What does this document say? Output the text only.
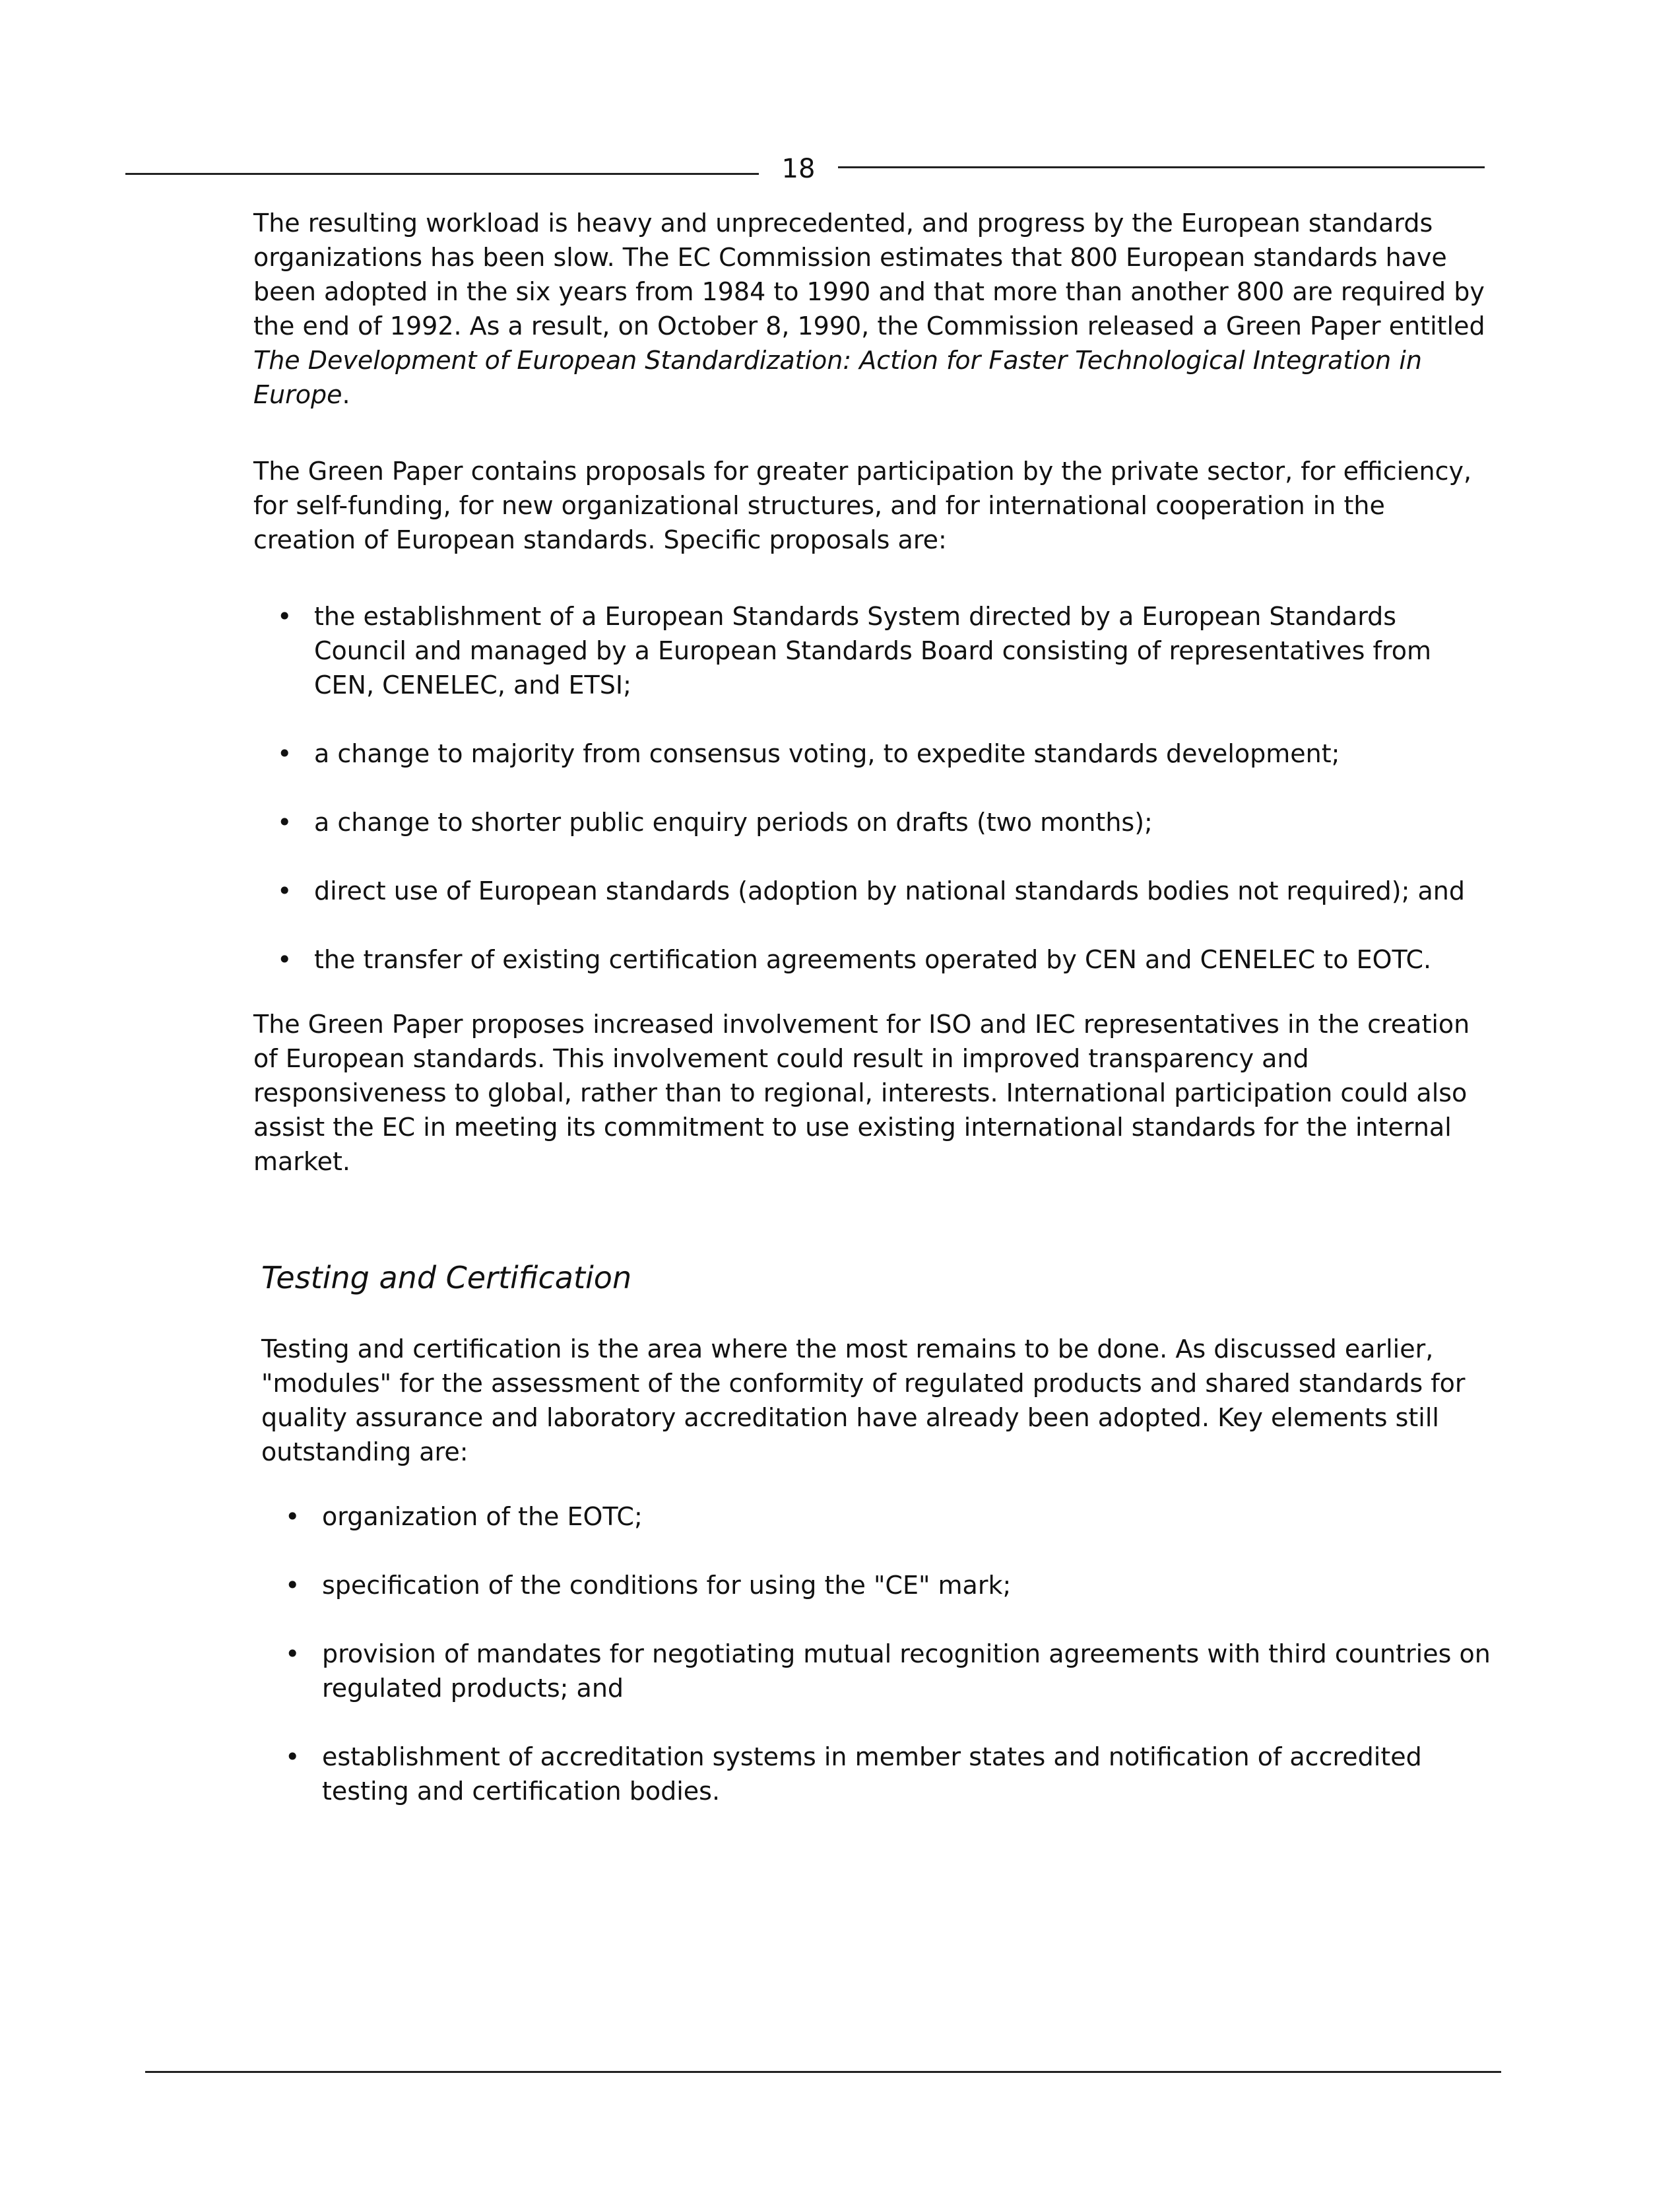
18

The resulting workload is heavy and unprecedented, and progress by the European standards organizations has been slow. The EC Commission estimates that 800 European standards have been adopted in the six years from 1984 to 1990 and that more than another 800 are required by the end of 1992. As a result, on October 8, 1990, the Commission released a Green Paper entitled The Development of European Standardization: Action for Faster Technological Integration in Europe.

The Green Paper contains proposals for greater participation by the private sector, for efficiency, for self-funding, for new organizational structures, and for international cooperation in the creation of European standards. Specific proposals are:

• the establishment of a European Standards System directed by a European Standards Council and managed by a European Standards Board consisting of representatives from CEN, CENELEC, and ETSI;
• a change to majority from consensus voting, to expedite standards development;
• a change to shorter public enquiry periods on drafts (two months);
• direct use of European standards (adoption by national standards bodies not required); and
• the transfer of existing certification agreements operated by CEN and CENELEC to EOTC.

The Green Paper proposes increased involvement for ISO and IEC representatives in the creation of European standards. This involvement could result in improved transparency and responsiveness to global, rather than to regional, interests. International participation could also assist the EC in meeting its commitment to use existing international standards for the internal market.

Testing and Certification

Testing and certification is the area where the most remains to be done. As discussed earlier, "modules" for the assessment of the conformity of regulated products and shared standards for quality assurance and laboratory accreditation have already been adopted. Key elements still outstanding are:

• organization of the EOTC;
• specification of the conditions for using the "CE" mark;
• provision of mandates for negotiating mutual recognition agreements with third countries on regulated products; and
• establishment of accreditation systems in member states and notification of accredited testing and certification bodies.
